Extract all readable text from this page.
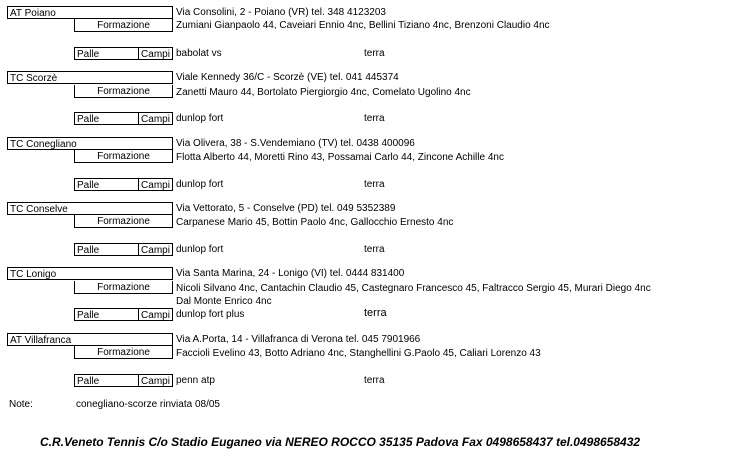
AT Poiano	Via Consolini, 2 - Poiano (VR) tel. 348 4123203
Formazione	Zumiani Gianpaolo 44, Caveiari Ennio 4nc, Bellini Tiziano 4nc, Brenzoni Claudio 4nc
Palle	Campi babolat vs	terra
TC Scorzè	Viale Kennedy 36/C - Scorzè (VE) tel. 041 445374
Formazione	Zanetti Mauro 44, Bortolato Piergiorgio 4nc, Comelato Ugolino 4nc
Palle	Campi dunlop fort	terra
TC Conegliano	Via Olivera, 38 - S.Vendemiano (TV) tel. 0438 400096
Formazione	Flotta Alberto 44, Moretti Rino 43, Possamai Carlo 44, Zincone Achille 4nc
Palle	Campi dunlop fort	terra
TC Conselve	Via Vettorato, 5 - Conselve (PD) tel. 049 5352389
Formazione	Carpanese Mario 45, Bottin Paolo 4nc, Gallocchio Ernesto 4nc
Palle	Campi dunlop fort	terra
TC Lonigo	Via Santa Marina, 24 - Lonigo (VI) tel. 0444 831400
Formazione	Nicoli Silvano 4nc, Cantachin Claudio 45, Castegnaro Francesco 45, Faltracco Sergio 45, Murari Diego 4nc
Dal Monte Enrico 4nc
Palle	Campi dunlop fort plus	terra
AT Villafranca	Via A.Porta, 14 - Villafranca di Verona tel. 045 7901966
Formazione	Faccioli Evelino 43, Botto Adriano 4nc, Stanghellini G.Paolo 45, Caliari Lorenzo 43
Palle	Campi penn atp	terra
Note:	conegliano-scorze rinviata 08/05
C.R.Veneto Tennis C/o Stadio Euganeo via NEREO ROCCO 35135 Padova Fax 0498658437 tel.0498658432
